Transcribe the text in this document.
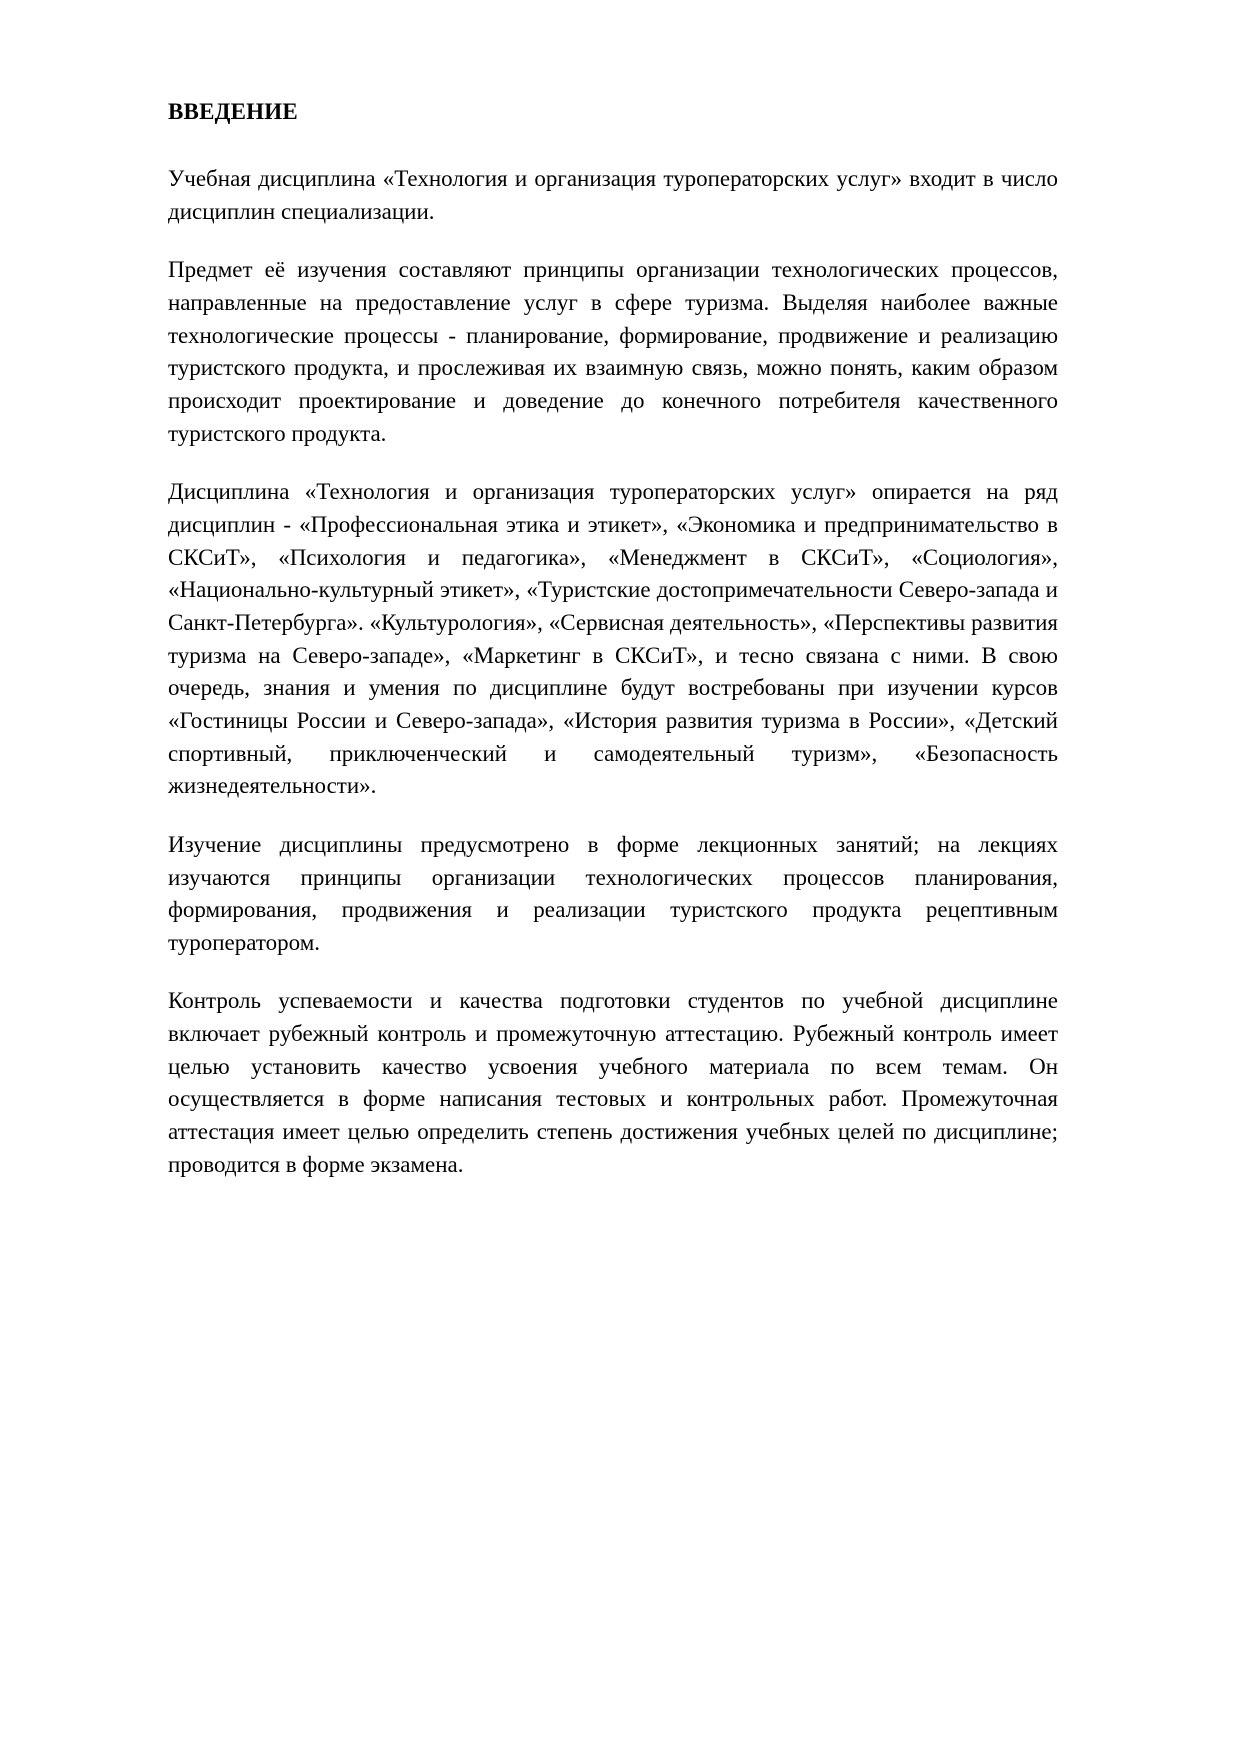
ВВЕДЕНИЕ

Учебная дисциплина «Технология и организация туроператорских услуг» входит в число дисциплин специализации.

Предмет её изучения составляют принципы организации технологических процессов, направленные на предоставление услуг в сфере туризма. Выделяя наиболее важные технологические процессы - планирование, формирование, продвижение и реализацию туристского продукта, и прослеживая их взаимную связь, можно понять, каким образом происходит проектирование и доведение до конечного потребителя качественного туристского продукта.

Дисциплина «Технология и организация туроператорских услуг» опирается на ряд дисциплин - «Профессиональная этика и этикет», «Экономика и предпринимательство в СКСиТ», «Психология и педагогика», «Менеджмент в СКСиТ», «Социология», «Национально-культурный этикет», «Туристские достопримечательности Северо-запада и Санкт-Петербурга». «Культурология», «Сервисная деятельность», «Перспективы развития туризма на Северо-западе», «Маркетинг в СКСиТ», и тесно связана с ними. В свою очередь, знания и умения по дисциплине будут востребованы при изучении курсов «Гостиницы России и Северо-запада», «История развития туризма в России», «Детский спортивный, приключенческий и самодеятельный туризм», «Безопасность жизнедеятельности».

Изучение дисциплины предусмотрено в форме лекционных занятий; на лекциях изучаются принципы организации технологических процессов планирования, формирования, продвижения и реализации туристского продукта рецептивным туроператором.

Контроль успеваемости и качества подготовки студентов по учебной дисциплине включает рубежный контроль и промежуточную аттестацию. Рубежный контроль имеет целью установить качество усвоения учебного материала по всем темам. Он осуществляется в форме написания тестовых и контрольных работ. Промежуточная аттестация имеет целью определить степень достижения учебных целей по дисциплине; проводится в форме экзамена.
